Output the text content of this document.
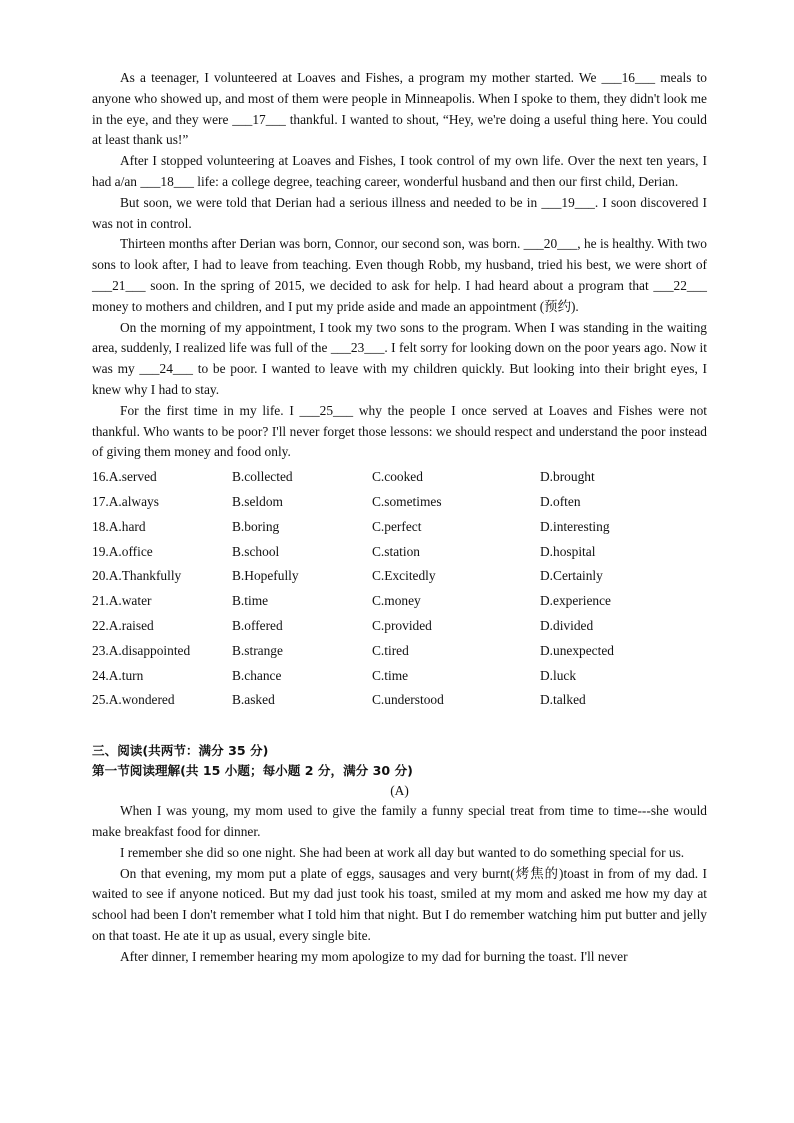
As a teenager, I volunteered at Loaves and Fishes, a program my mother started. We ___16___ meals to anyone who showed up, and most of them were people in Minneapolis. When I spoke to them, they didn't look me in the eye, and they were ___17___ thankful. I wanted to shout, “Hey, we're doing a useful thing here. You could at least thank us!”

After I stopped volunteering at Loaves and Fishes, I took control of my own life. Over the next ten years, I had a/an ___18___ life: a college degree, teaching career, wonderful husband and then our first child, Derian.

But soon, we were told that Derian had a serious illness and needed to be in ___19___. I soon discovered I was not in control.

Thirteen months after Derian was born, Connor, our second son, was born. ___20___, he is healthy. With two sons to look after, I had to leave from teaching. Even though Robb, my husband, tried his best, we were short of ___21___ soon. In the spring of 2015, we decided to ask for help. I had heard about a program that ___22___ money to mothers and children, and I put my pride aside and made an appointment (预约).

On the morning of my appointment, I took my two sons to the program. When I was standing in the waiting area, suddenly, I realized life was full of the ___23___. I felt sorry for looking down on the poor years ago. Now it was my ___24___ to be poor. I wanted to leave with my children quickly. But looking into their bright eyes, I knew why I had to stay.

For the first time in my life. I ___25___ why the people I once served at Loaves and Fishes were not thankful. Who wants to be poor? I'll never forget those lessons: we should respect and understand the poor instead of giving them money and food only.

16.A.served	B.collected	C.cooked	D.brought
17.A.always	B.seldom	C.sometimes	D.often
18.A.hard	B.boring	C.perfect	D.interesting
19.A.office	B.school	C.station	D.hospital
20.A.Thankfully	B.Hopefully	C.Excitedly	D.Certainly
21.A.water	B.time	C.money	D.experience
22.A.raised	B.offered	C.provided	D.divided
23.A.disappointed	B.strange	C.tired	D.unexpected
24.A.turn	B.chance	C.time	D.luck
25.A.wondered	B.asked	C.understood	D.talked

三、阅读(共两节：满分 35 分)

第一节阅读理解(共 15 小题；每小题 2 分，满分 30 分)

(A)

When I was young, my mom used to give the family a funny special treat from time to time---she would make breakfast food for dinner.

I remember she did so one night. She had been at work all day but wanted to do something special for us.

On that evening, my mom put a plate of eggs, sausages and very burnt(烤焦的)toast in from of my dad. I waited to see if anyone noticed. But my dad just took his toast, smiled at my mom and asked me how my day at school had been I don't remember what I told him that night. But I do remember watching him put butter and jelly on that toast. He ate it up as usual, every single bite.

After dinner, I remember hearing my mom apologize to my dad for burning the toast. I'll never
